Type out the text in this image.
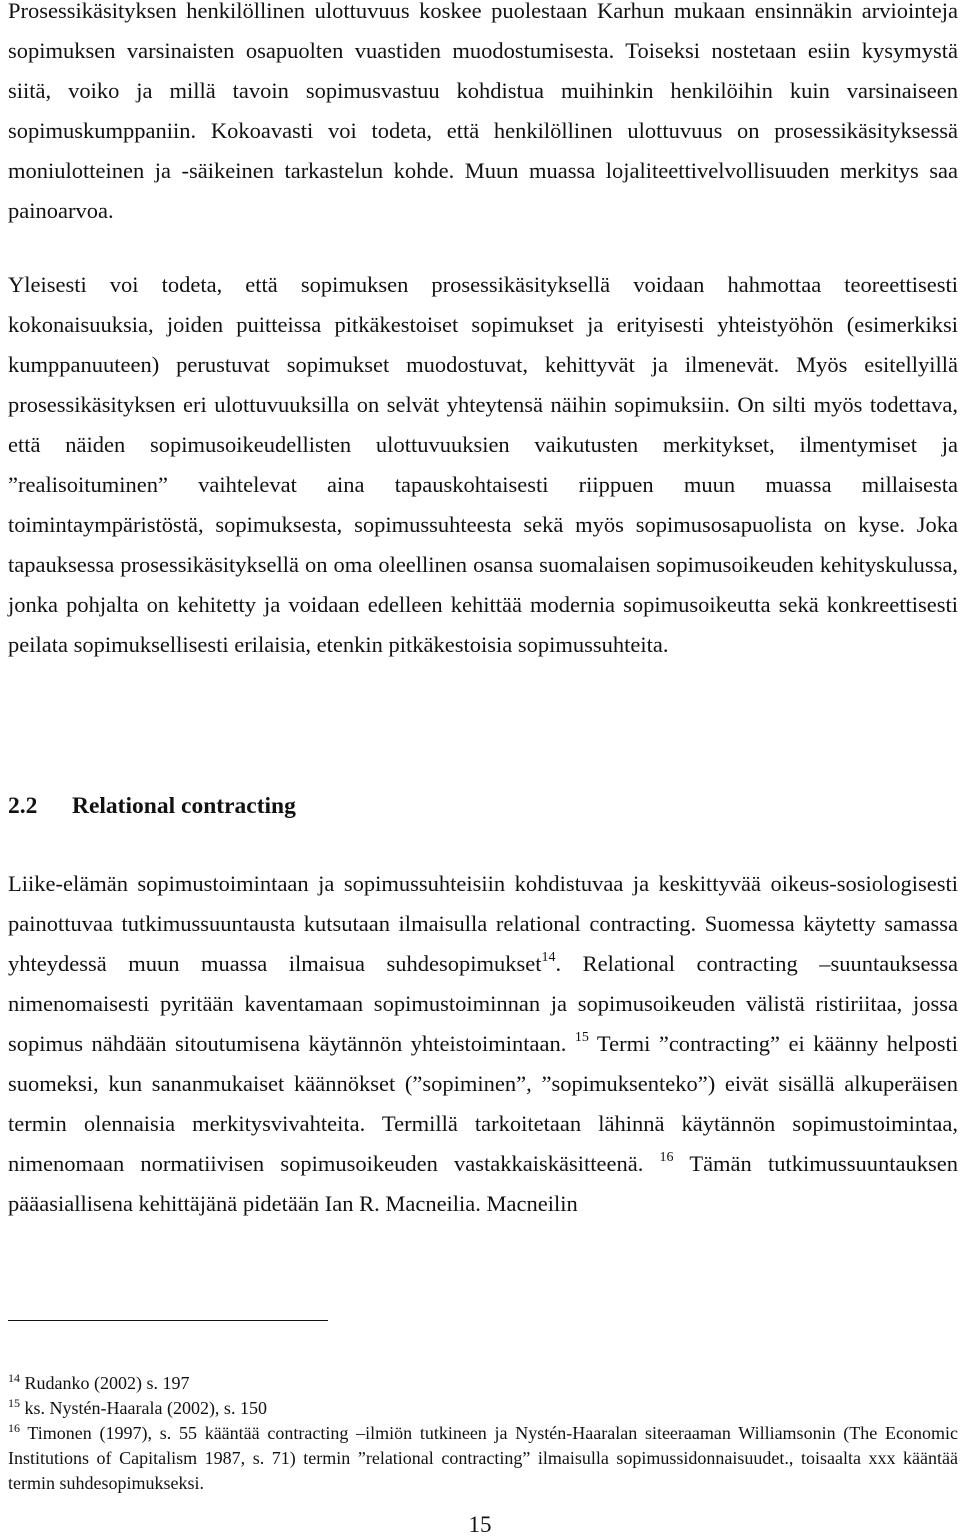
Prosessikäsityksen henkilöllinen ulottuvuus koskee puolestaan Karhun mukaan ensinnäkin arviointeja sopimuksen varsinaisten osapuolten vuastiden muodostumisesta. Toiseksi nostetaan esiin kysymystä siitä, voiko ja millä tavoin sopimusvastuu kohdistua muihinkin henkilöihin kuin varsinaiseen sopimuskumppaniin. Kokoavasti voi todeta, että henkilöllinen ulottuvuus on prosessikäsityksessä moniulotteinen ja -säikeinen tarkastelun kohde. Muun muassa lojaliteettivelvollisuuden merkitys saa painoarvoa.

Yleisesti voi todeta, että sopimuksen prosessikäsityksellä voidaan hahmottaa teoreettisesti kokonaisuuksia, joiden puitteissa pitkäkestoiset sopimukset ja erityisesti yhteistyöhön (esimerkiksi kumppanuuteen) perustuvat sopimukset muodostuvat, kehittyvät ja ilmenevät. Myös esitellyillä prosessikäsityksen eri ulottuvuuksilla on selvät yhteytensä näihin sopimuksiin. On silti myös todettava, että näiden sopimusoikeudellisten ulottuvuuksien vaikutusten merkitykset, ilmentymiset ja ”realisoituminen” vaihtelevat aina tapauskohtaisesti riippuen muun muassa millaisesta toimintaympäristöstä, sopimuksesta, sopimussuhteesta sekä myös sopimusosapuolista on kyse. Joka tapauksessa prosessikäsityksellä on oma oleellinen osansa suomalaisen sopimusoikeuden kehityskulussa, jonka pohjalta on kehitetty ja voidaan edelleen kehittää modernia sopimusoikeutta sekä konkreettisesti peilata sopimuksellisesti erilaisia, etenkin pitkäkestoisia sopimussuhteita.

2.2 Relational contracting

Liike-elämän sopimustoimintaan ja sopimussuhteisiin kohdistuvaa ja keskittyvää oikeus-sosiologisesti painottuvaa tutkimussuuntausta kutsutaan ilmaisulla relational contracting. Suomessa käytetty samassa yhteydessä muun muassa ilmaisua suhdesopimukset$^{14}$. Relational contracting –suuntauksessa nimenomaisesti pyritään kaventamaan sopimustoiminnan ja sopimusoikeuden välistä ristiriitaa, jossa sopimus nähdään sitoutumisena käytännön yhteistoimintaan. $^{15}$ Termi ”contracting” ei käänny helposti suomeksi, kun sananmukaiset käännökset (”sopiminen”, ”sopimuksenteko”) eivät sisällä alkuperäisen termin olennaisia merkitysvivahteita. Termillä tarkoitetaan lähinnä käytännön sopimustoimintaa, nimenomaan normatiivisen sopimusoikeuden vastakkaiskäsitteenä. $^{16}$ Tämän tutkimussuuntauksen pääasiallisena kehittäjänä pidetään Ian R. Macneilia. Macneilin

$^{14}$ Rudanko (2002) s. 197

$^{15}$ ks. Nystén-Haarala (2002), s. 150

$^{16}$ Timonen (1997), s. 55 kääntää contracting –ilmiön tutkineen ja Nystén-Haaralan siteeraaman Williamsonin (The Economic Institutions of Capitalism 1987, s. 71) termin ”relational contracting” ilmaisulla sopimussidonnaisuudet., toisaalta xxx kääntää termin suhdesopimukseksi.

15
